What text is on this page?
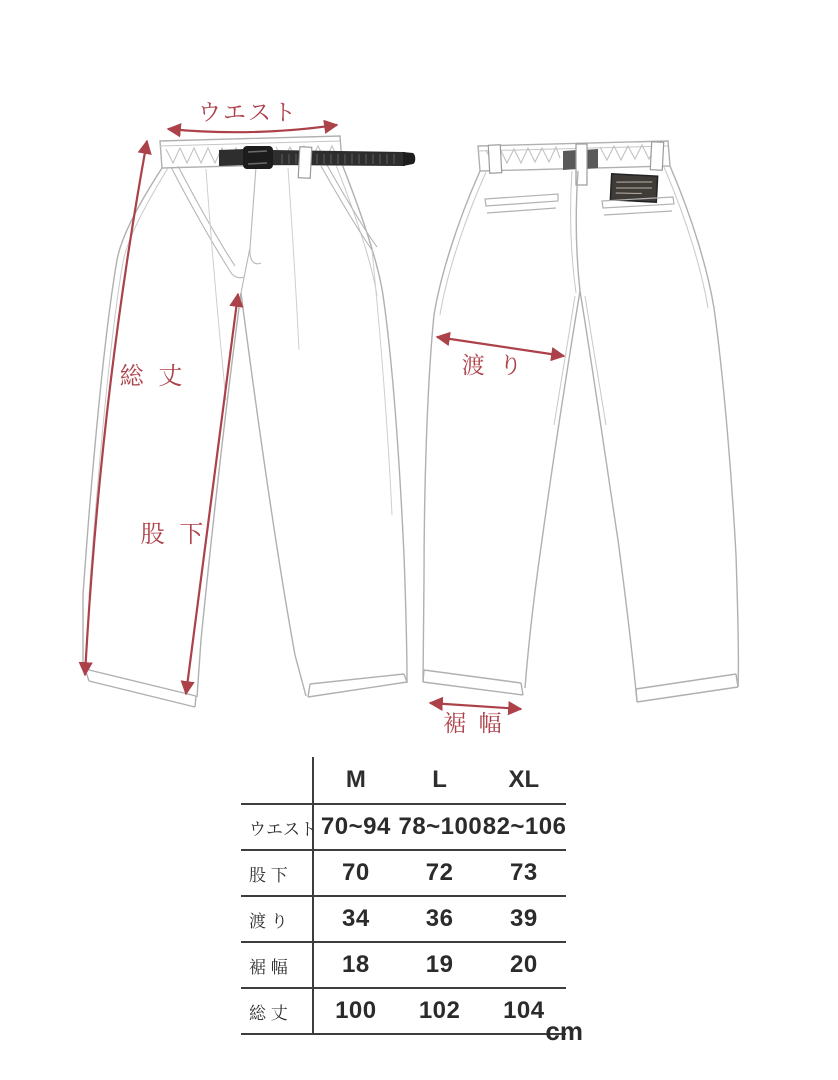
ウエスト
総 丈
股 下
渡 り
裾 幅
	M	L	XL
ウエスト	70~94	78~100	82~106
股 下	70	72	73
渡 り	34	36	39
裾 幅	18	19	20
総 丈	100	102	104
cm
